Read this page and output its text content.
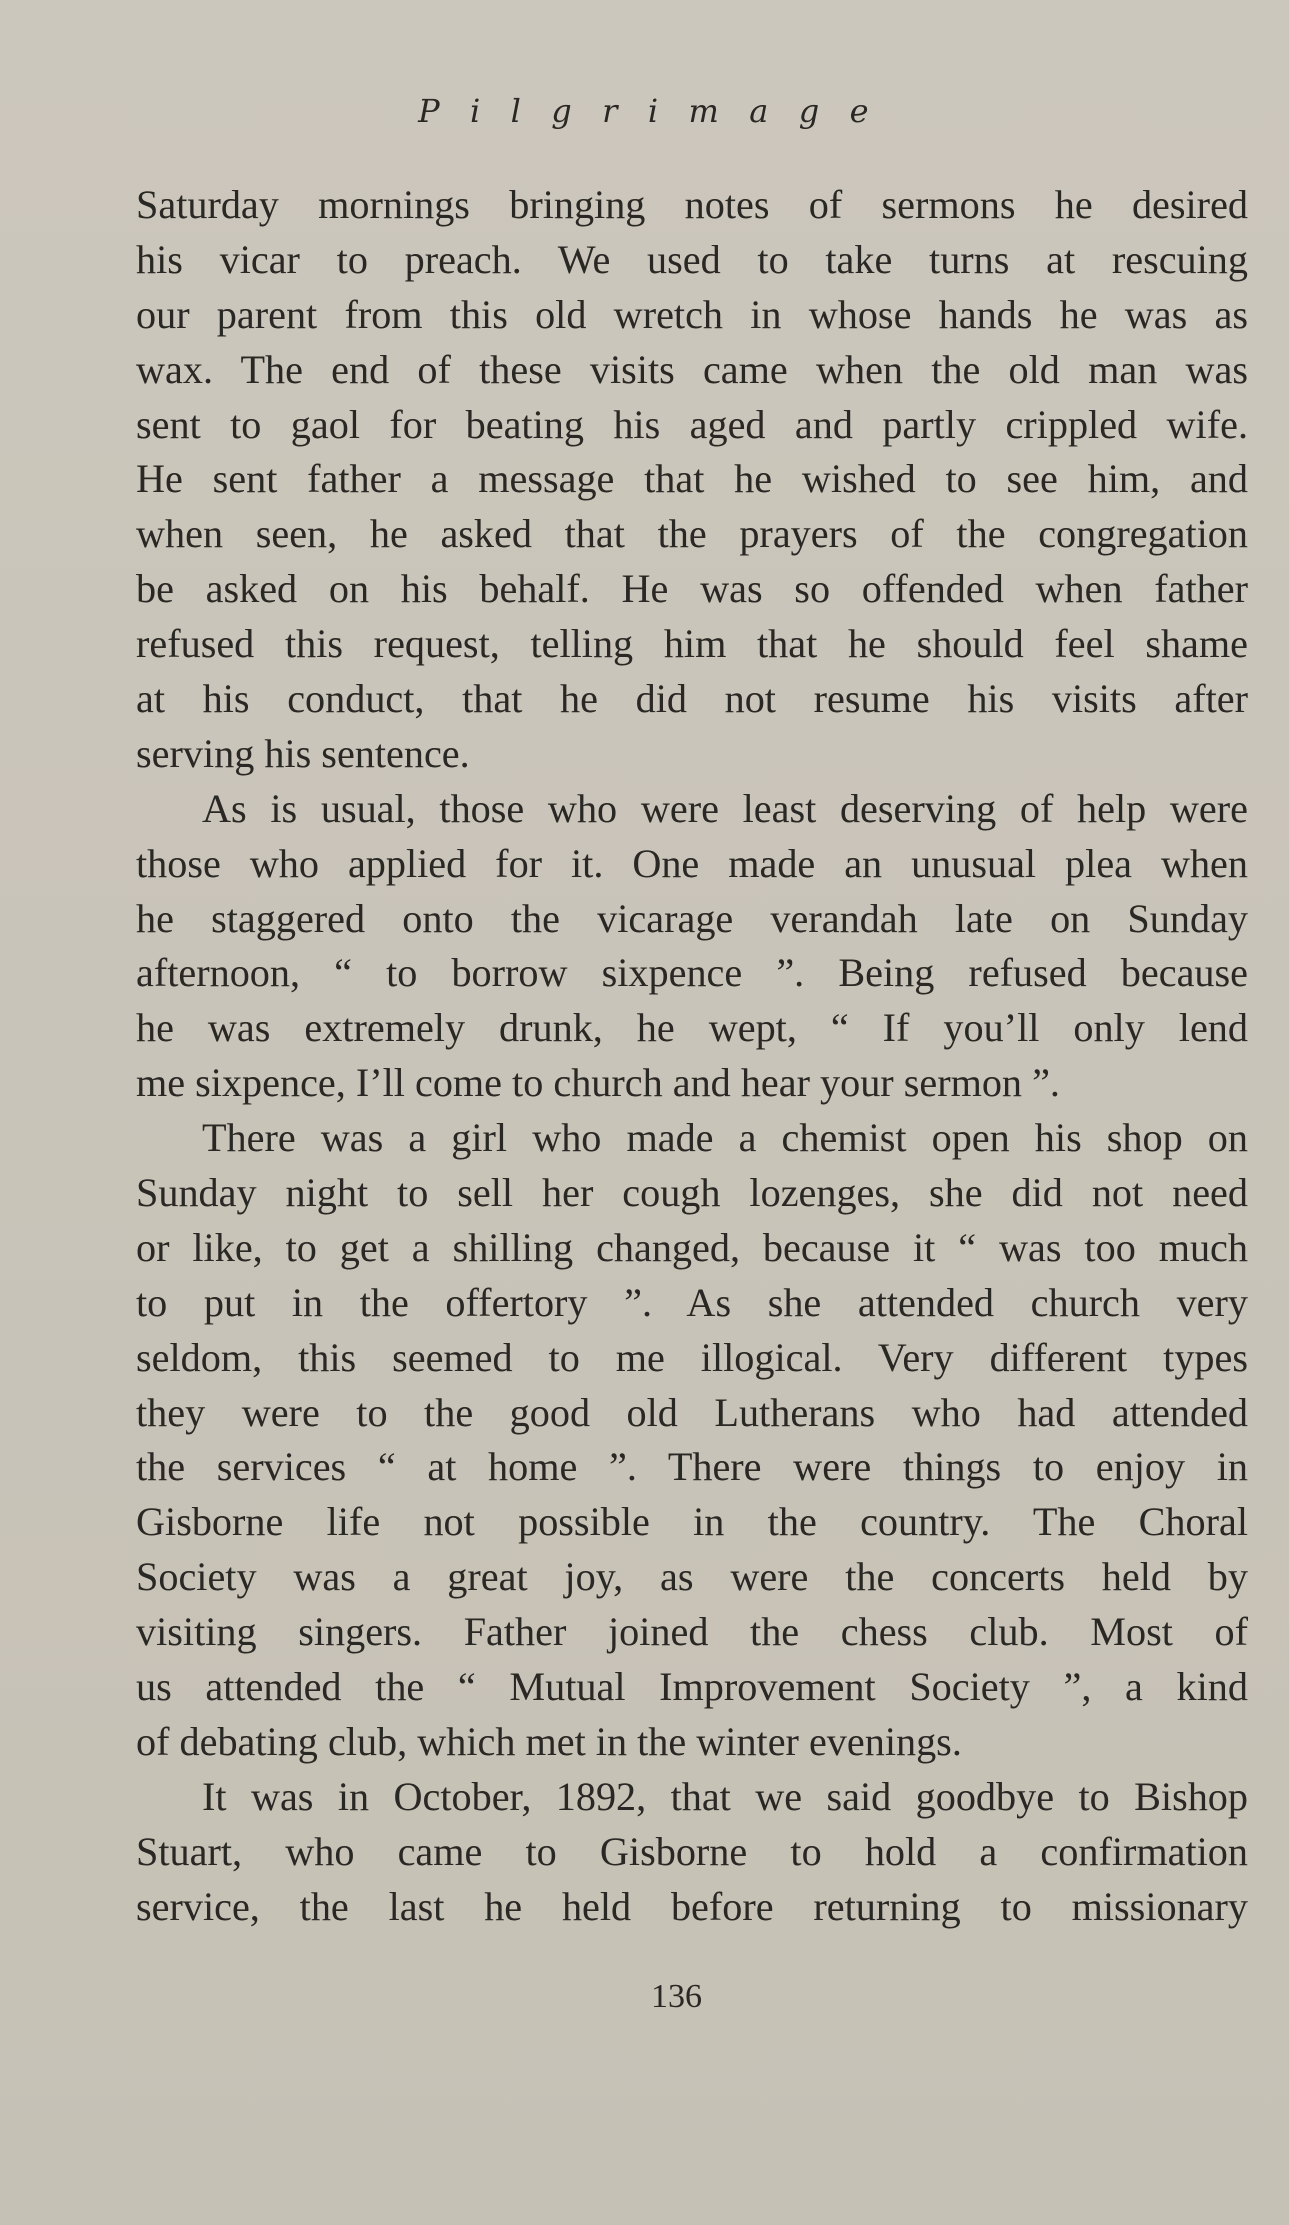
Pilgrimage
Saturday mornings bringing notes of sermons he desired
his vicar to preach. We used to take turns at rescuing
our parent from this old wretch in whose hands he was as
wax. The end of these visits came when the old man was
sent to gaol for beating his aged and partly crippled wife.
He sent father a message that he wished to see him, and
when seen, he asked that the prayers of the congregation
be asked on his behalf. He was so offended when father
refused this request, telling him that he should feel shame
at his conduct, that he did not resume his visits after
serving his sentence.
As is usual, those who were least deserving of help were
those who applied for it. One made an unusual plea when
he staggered onto the vicarage verandah late on Sunday
afternoon, “ to borrow sixpence ”. Being refused because
he was extremely drunk, he wept, “ If you’ll only lend
me sixpence, I’ll come to church and hear your sermon ”.
There was a girl who made a chemist open his shop on
Sunday night to sell her cough lozenges, she did not need
or like, to get a shilling changed, because it “ was too much
to put in the offertory ”. As she attended church very
seldom, this seemed to me illogical. Very different types
they were to the good old Lutherans who had attended
the services “ at home ”. There were things to enjoy in
Gisborne life not possible in the country. The Choral
Society was a great joy, as were the concerts held by
visiting singers. Father joined the chess club. Most of
us attended the “ Mutual Improvement Society ”, a kind
of debating club, which met in the winter evenings.
It was in October, 1892, that we said goodbye to Bishop
Stuart, who came to Gisborne to hold a confirmation
service, the last he held before returning to missionary
136
